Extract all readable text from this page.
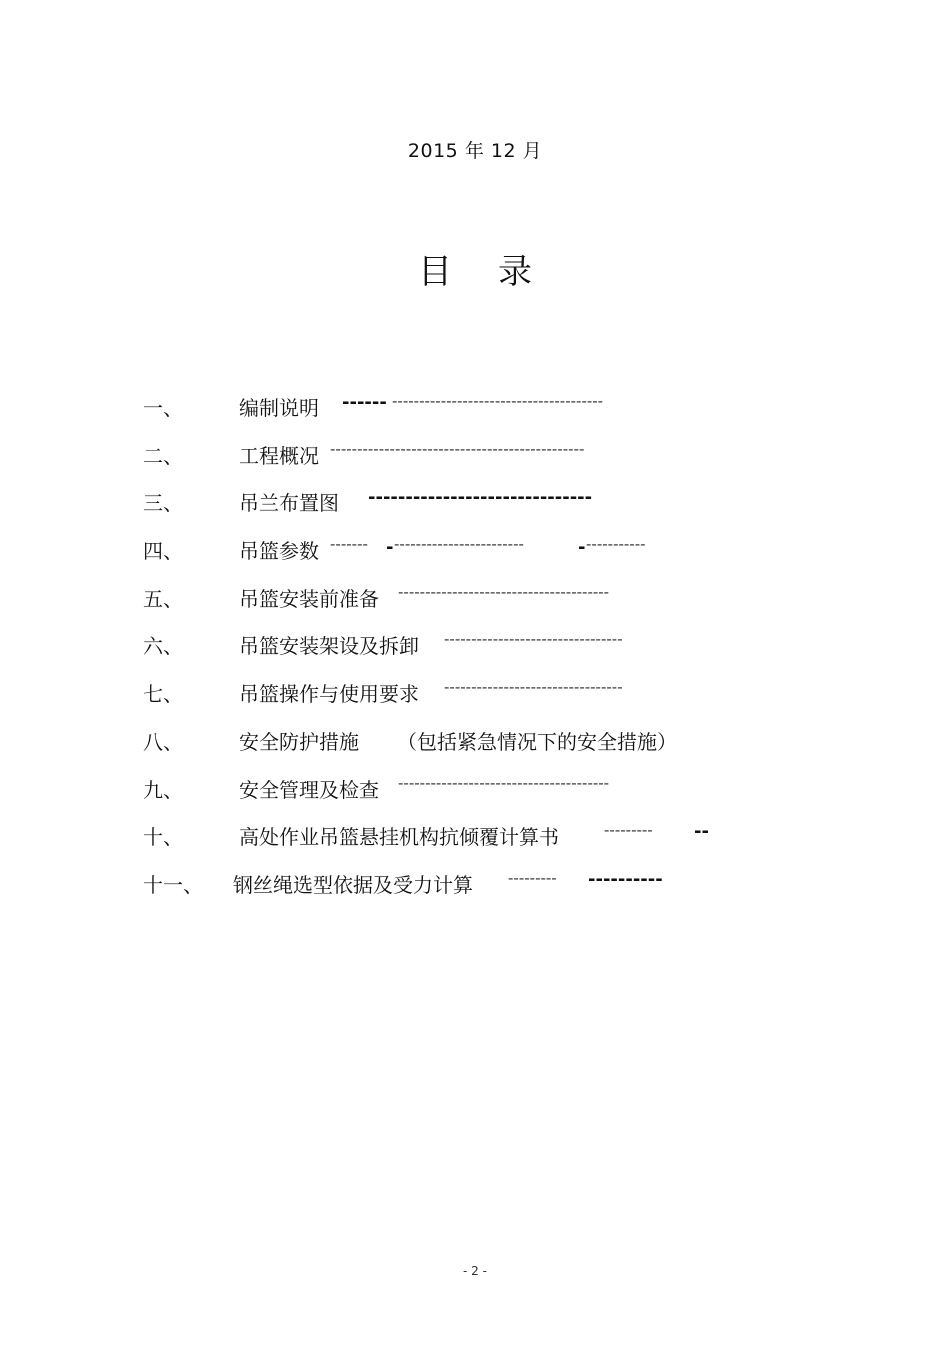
2015 年 12 月
目 录
一、	编制说明 ------ ---------------------------------------
二、	工程概况 -----------------------------------------------
三、	吊兰布置图 ------------------------------
四、	吊篮参数 -------	- ------------------------	- -----------
五、	吊篮安装前准备 ---------------------------------------
六、	吊篮安装架设及拆卸 ---------------------------------
七、	吊篮操作与使用要求 ---------------------------------
八、	安全防护措施 （包括紧急情况下的安全措施）
九、	安全管理及检查 ---------------------------------------
十、	高处作业吊篮悬挂机构抗倾覆计算书	---------	--
十一、 钢丝绳选型依据及受力计算 ---------	----------
- 2 -
